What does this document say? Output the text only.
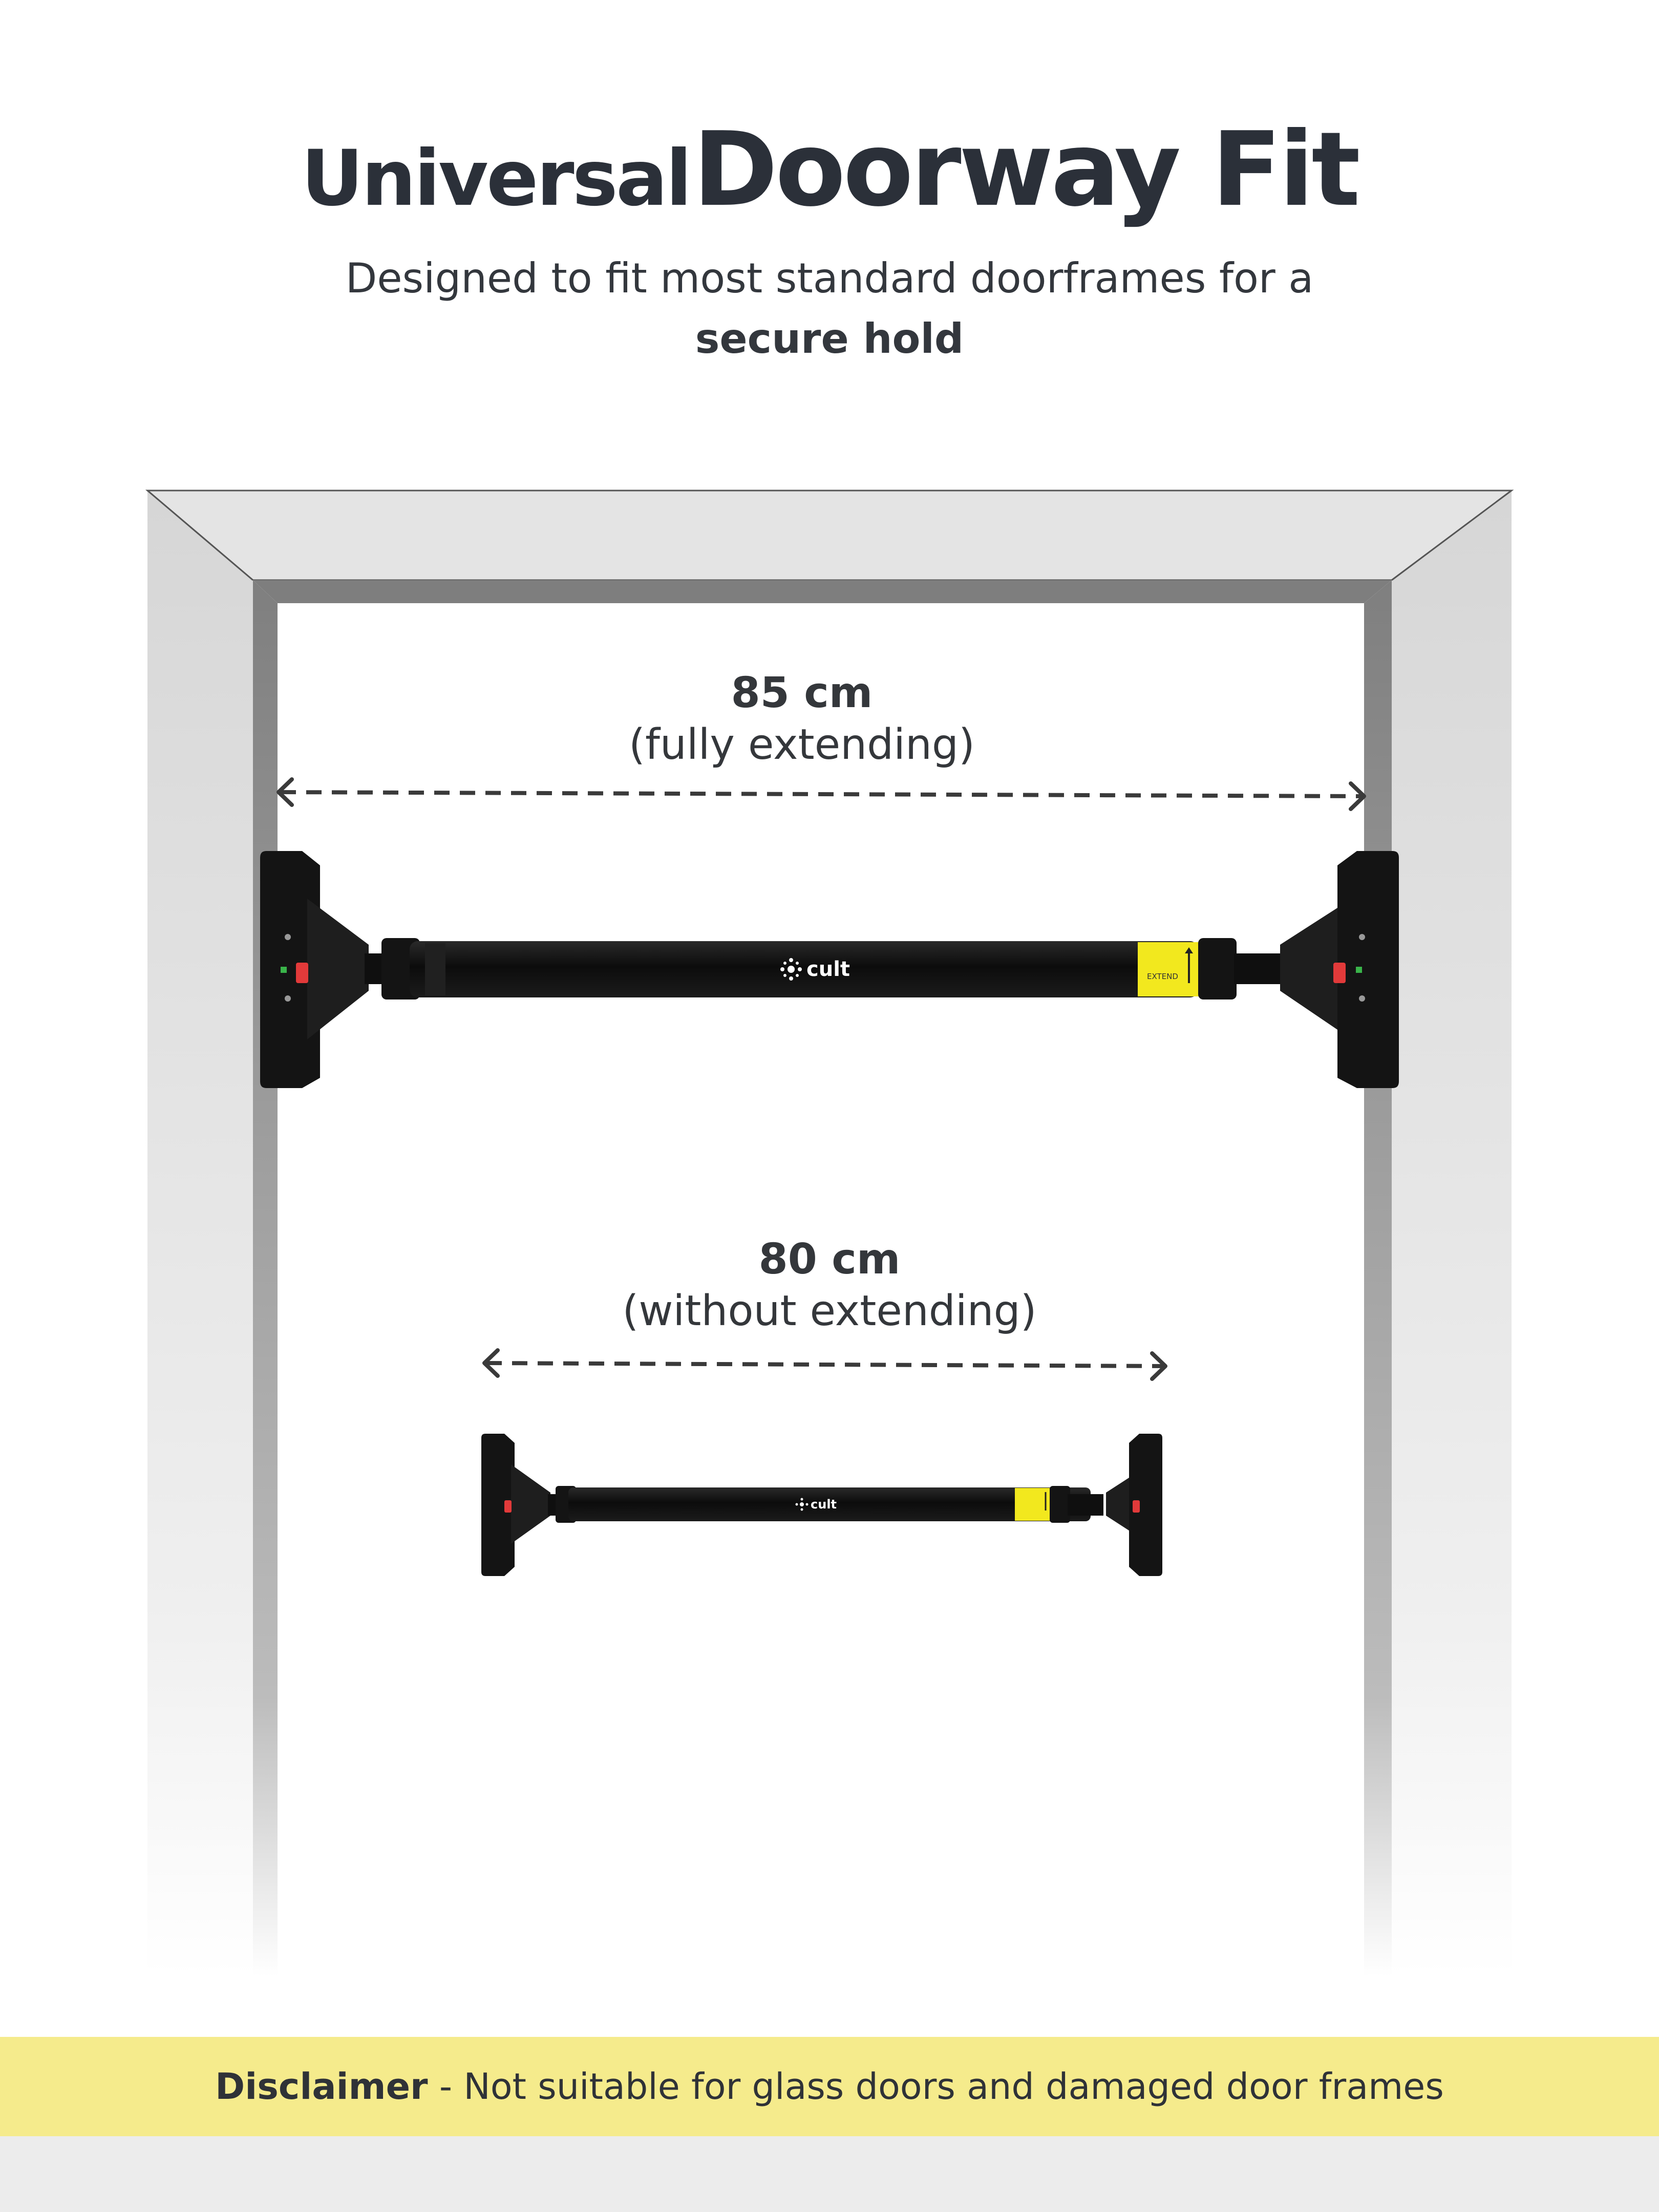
Universal Doorway Fit
Designed to fit most standard doorframes for a
secure hold
EXTEND
cult
cult
85 cm
(fully extending)
80 cm
(without extending)
Disclaimer - Not suitable for glass doors and damaged door frames
